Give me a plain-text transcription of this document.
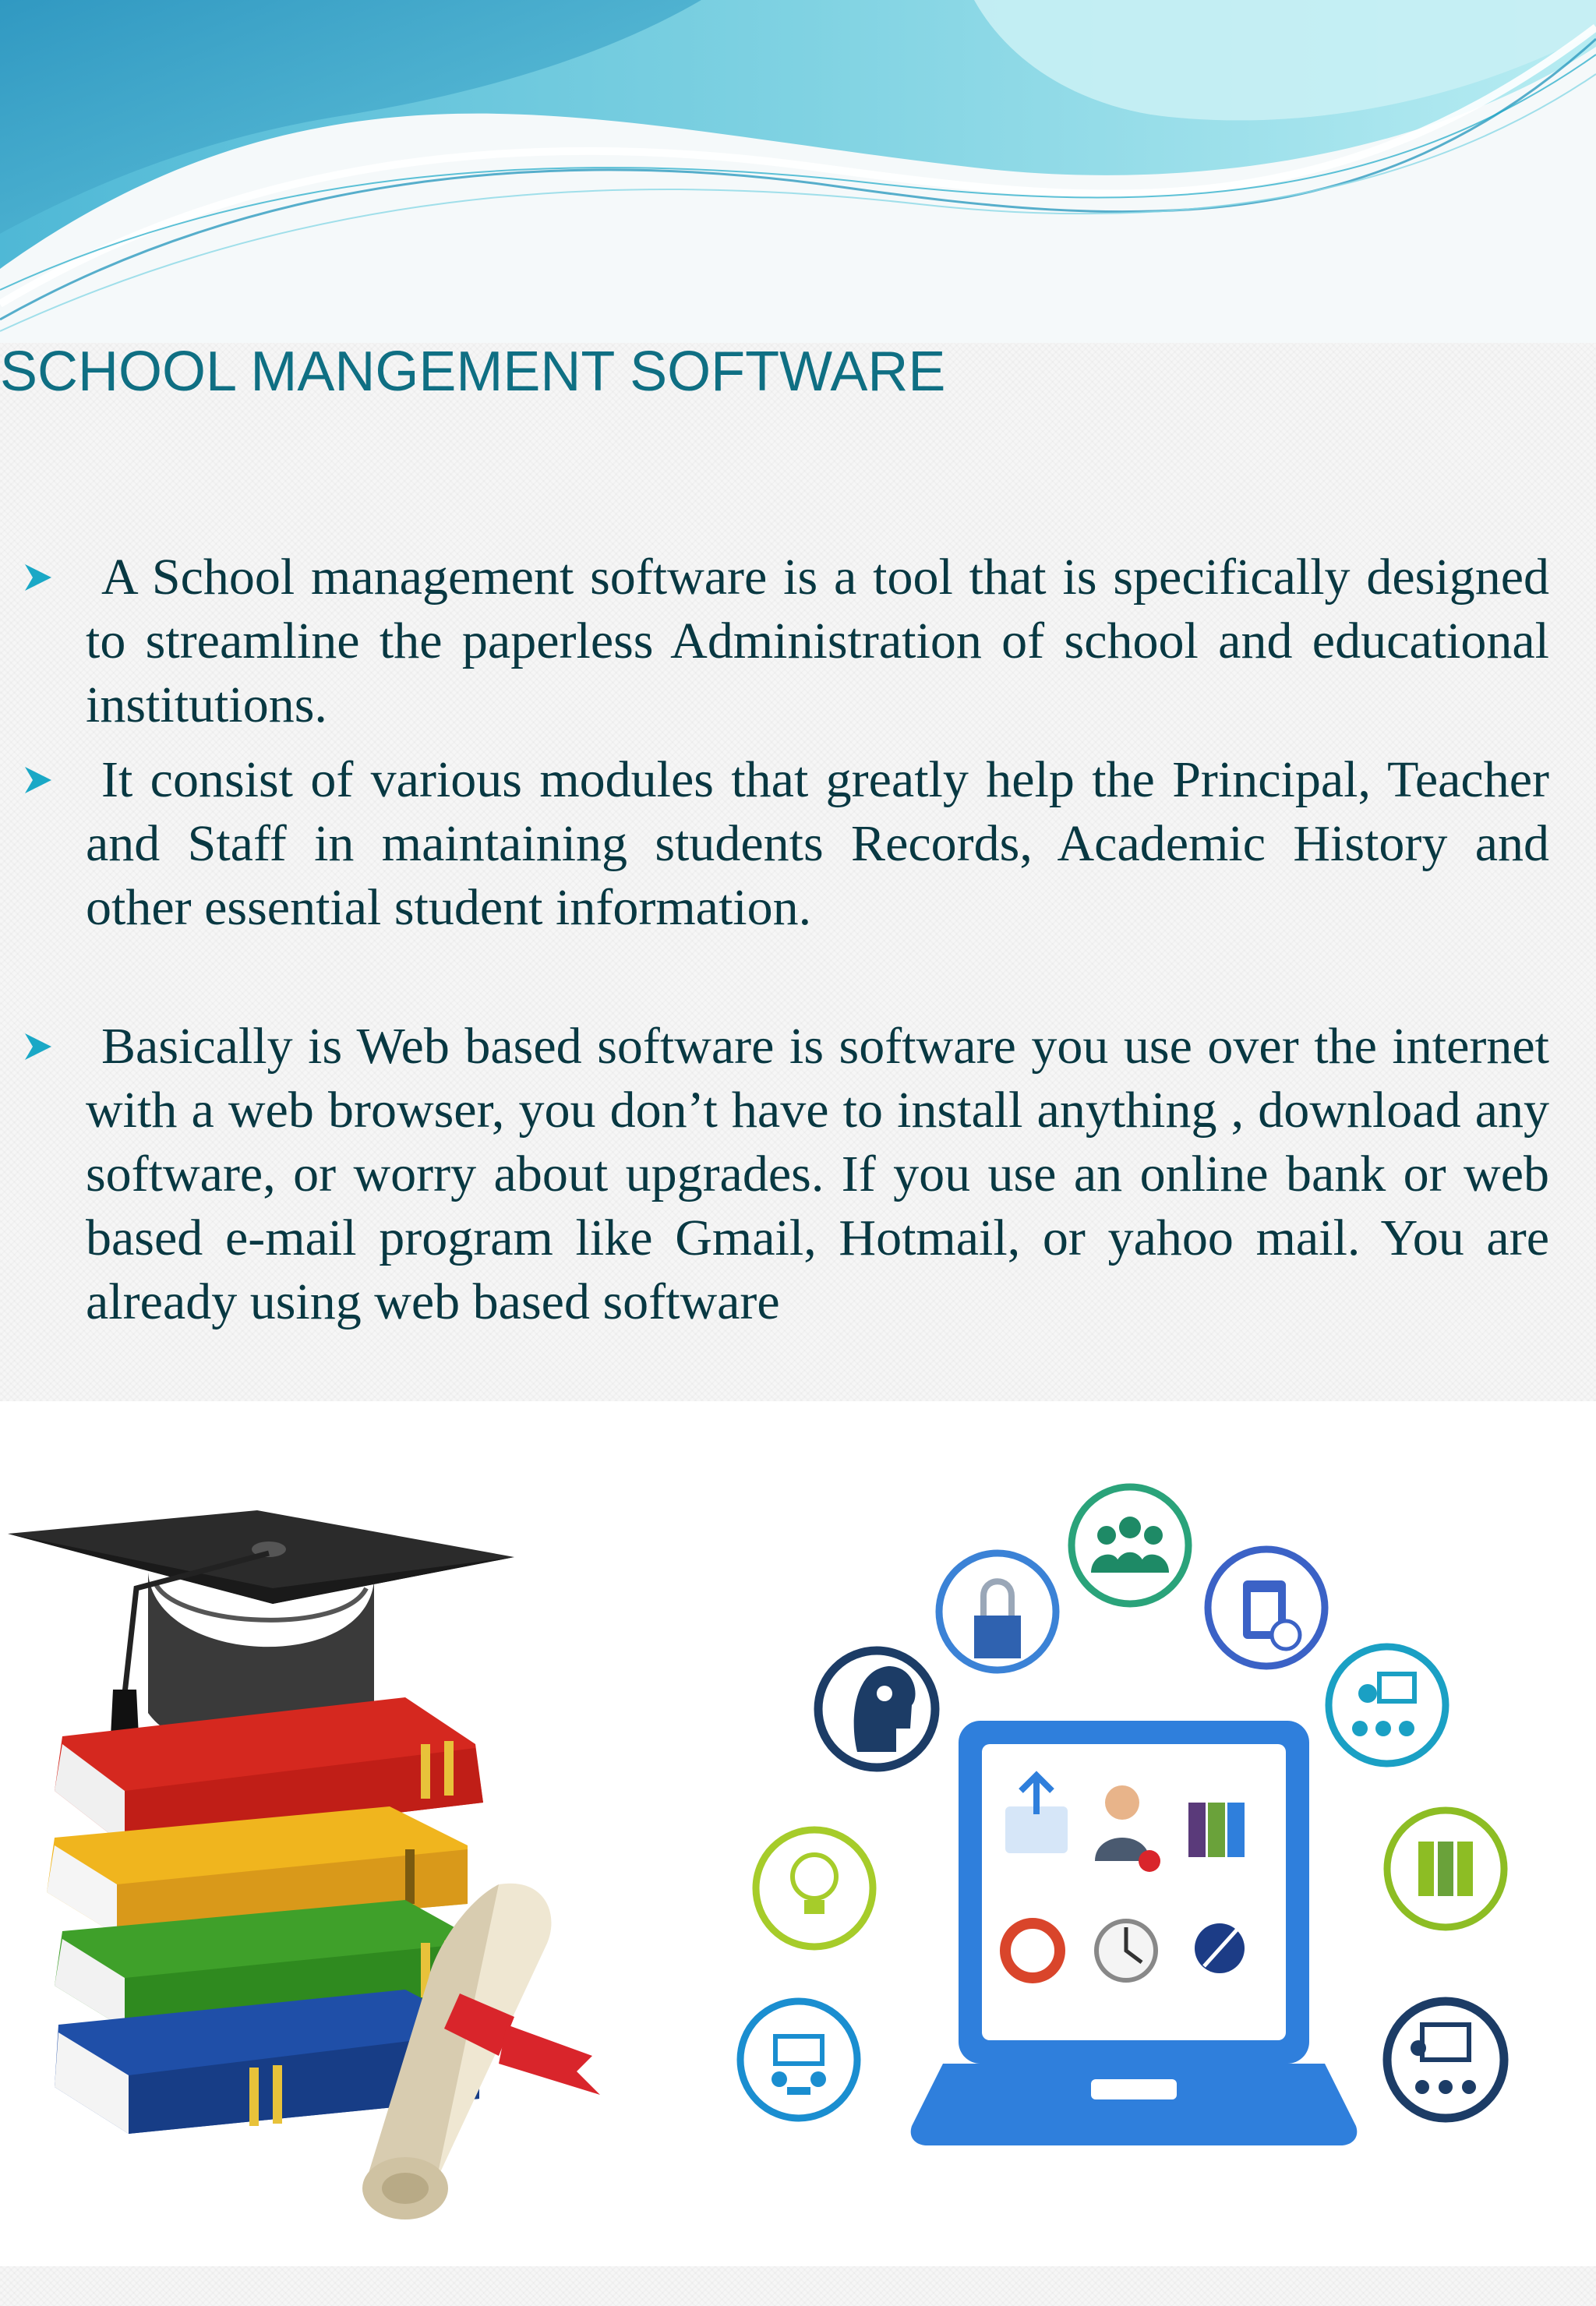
SCHOOL MANGEMENT SOFTWARE
A School management software is a tool that is specifically designed to streamline the paperless Administration of school and educational institutions.
It consist of various modules that greatly help the Principal, Teacher and Staff in maintaining students Records, Academic History and other essential student information.
Basically is Web based software is software you use over the internet with a web browser, you don’t have to install anything , download any software, or worry about upgrades. If you use an online bank or web based e-mail program like Gmail, Hotmail, or yahoo mail. You are already using web based software
